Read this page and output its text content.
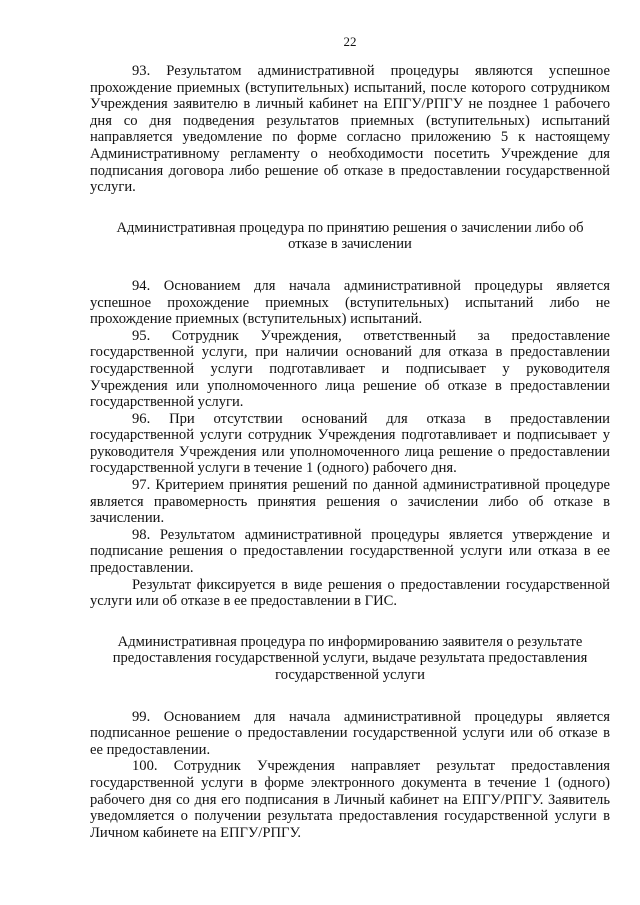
22

93. Результатом административной процедуры являются успешное прохождение приемных (вступительных) испытаний, после которого сотрудником Учреждения заявителю в личный кабинет на ЕПГУ/РПГУ не позднее 1 рабочего дня со дня подведения результатов приемных (вступительных) испытаний направляется уведомление по форме согласно приложению 5 к настоящему Административному регламенту о необходимости посетить Учреждение для подписания договора либо решение об отказе в предоставлении государственной услуги.

Административная процедура по принятию решения о зачислении либо об отказе в зачислении

94. Основанием для начала административной процедуры является успешное прохождение приемных (вступительных) испытаний либо не прохождение приемных (вступительных) испытаний.

95. Сотрудник Учреждения, ответственный за предоставление государственной услуги, при наличии оснований для отказа в предоставлении государственной услуги подготавливает и подписывает у руководителя Учреждения или уполномоченного лица решение об отказе в предоставлении государственной услуги.

96. При отсутствии оснований для отказа в предоставлении государственной услуги сотрудник Учреждения подготавливает и подписывает у руководителя Учреждения или уполномоченного лица решение о предоставлении государственной услуги в течение 1 (одного) рабочего дня.

97. Критерием принятия решений по данной административной процедуре является правомерность принятия решения о зачислении либо об отказе в зачислении.

98. Результатом административной процедуры является утверждение и подписание решения о предоставлении государственной услуги или отказа в ее предоставлении.

Результат фиксируется в виде решения о предоставлении государственной услуги или об отказе в ее предоставлении в ГИС.

Административная процедура по информированию заявителя о результате предоставления государственной услуги, выдаче результата предоставления государственной услуги

99. Основанием для начала административной процедуры является подписанное решение о предоставлении государственной услуги или об отказе в ее предоставлении.

100. Сотрудник Учреждения направляет результат предоставления государственной услуги в форме электронного документа в течение 1 (одного) рабочего дня со дня его подписания в Личный кабинет на ЕПГУ/РПГУ. Заявитель уведомляется о получении результата предоставления государственной услуги в Личном кабинете на ЕПГУ/РПГУ.
